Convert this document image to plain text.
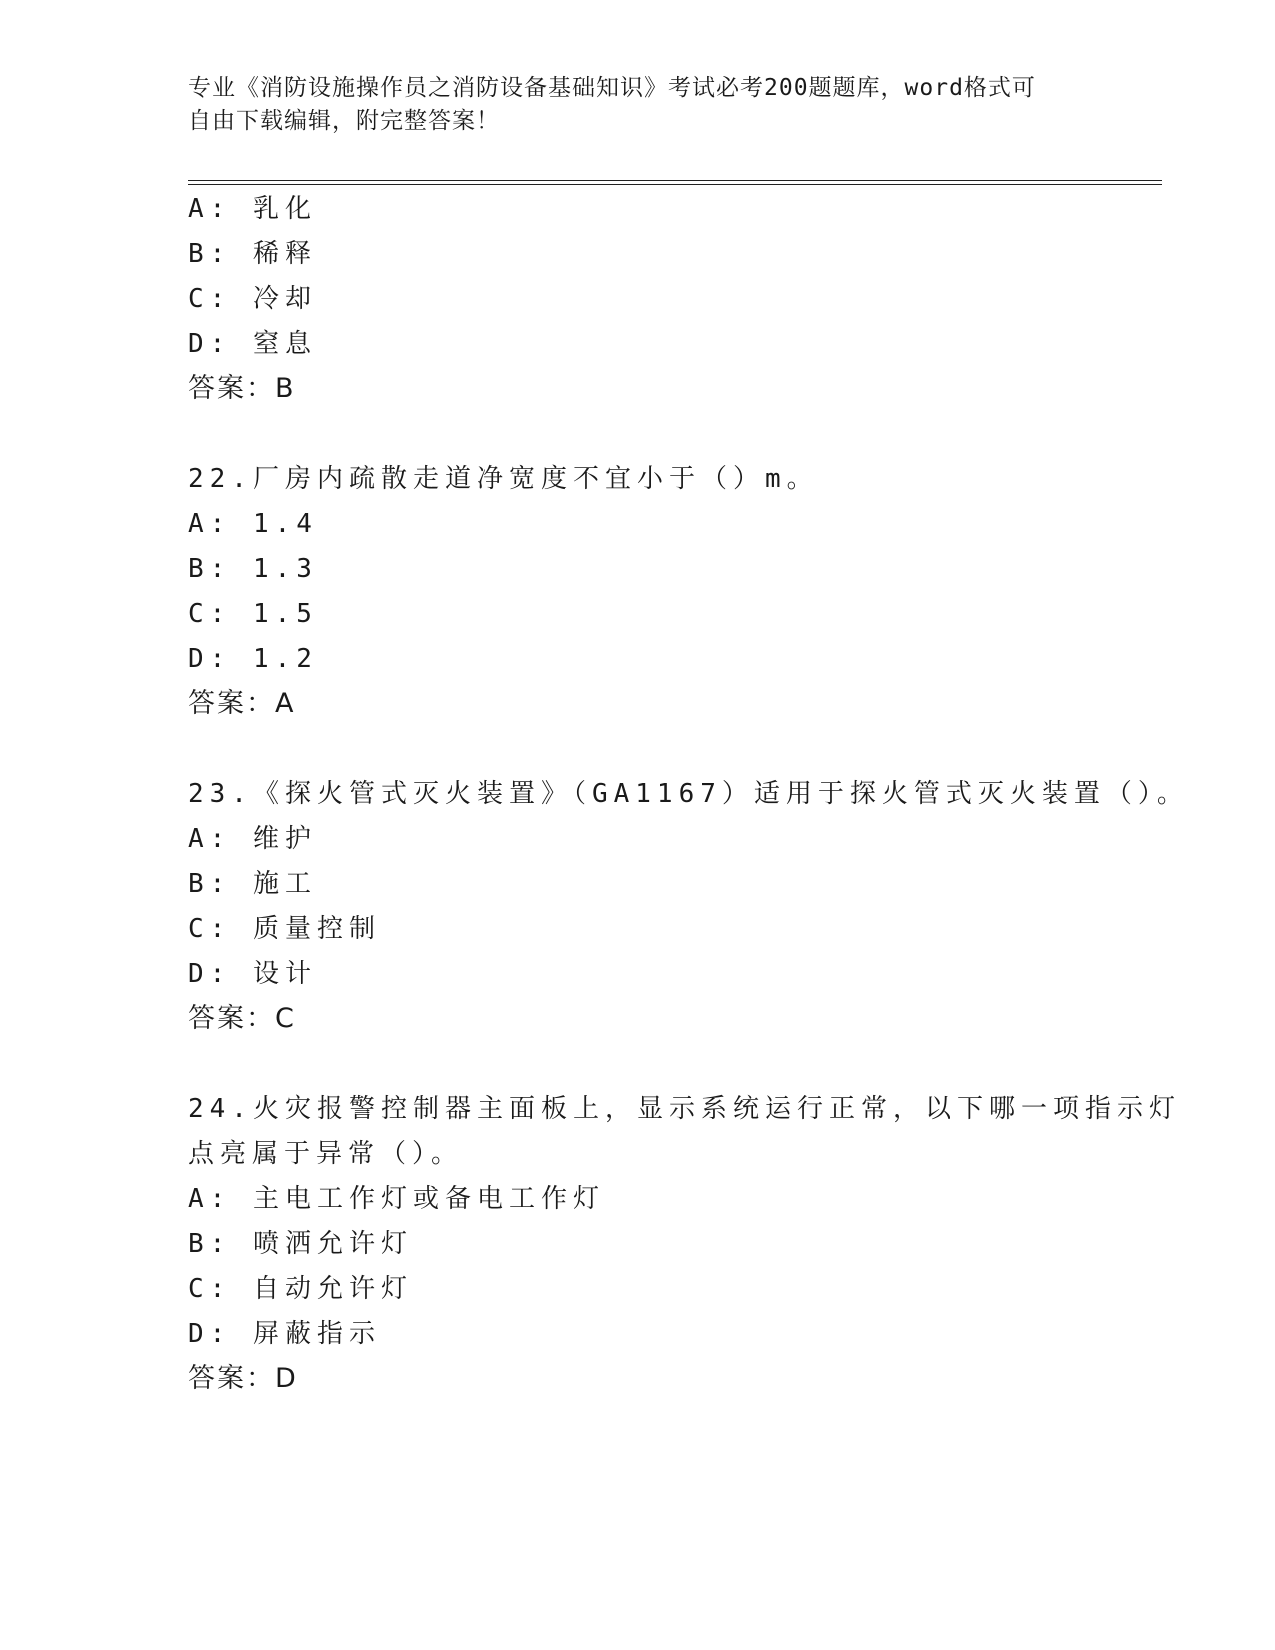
专业《消防设施操作员之消防设备基础知识》考试必考200题题库，word格式可
自由下载编辑，附完整答案！
A: 乳化
B: 稀释
C: 冷却
D: 窒息
答案：B
22.厂房内疏散走道净宽度不宜小于（）m。
A: 1.4
B: 1.3
C: 1.5
D: 1.2
答案：A
23.《探火管式灭火装置》（GA1167）适用于探火管式灭火装置（）。
A: 维护
B: 施工
C: 质量控制
D: 设计
答案：C
24.火灾报警控制器主面板上，显示系统运行正常，以下哪一项指示灯
点亮属于异常（）。
A: 主电工作灯或备电工作灯
B: 喷洒允许灯
C: 自动允许灯
D: 屏蔽指示
答案：D
